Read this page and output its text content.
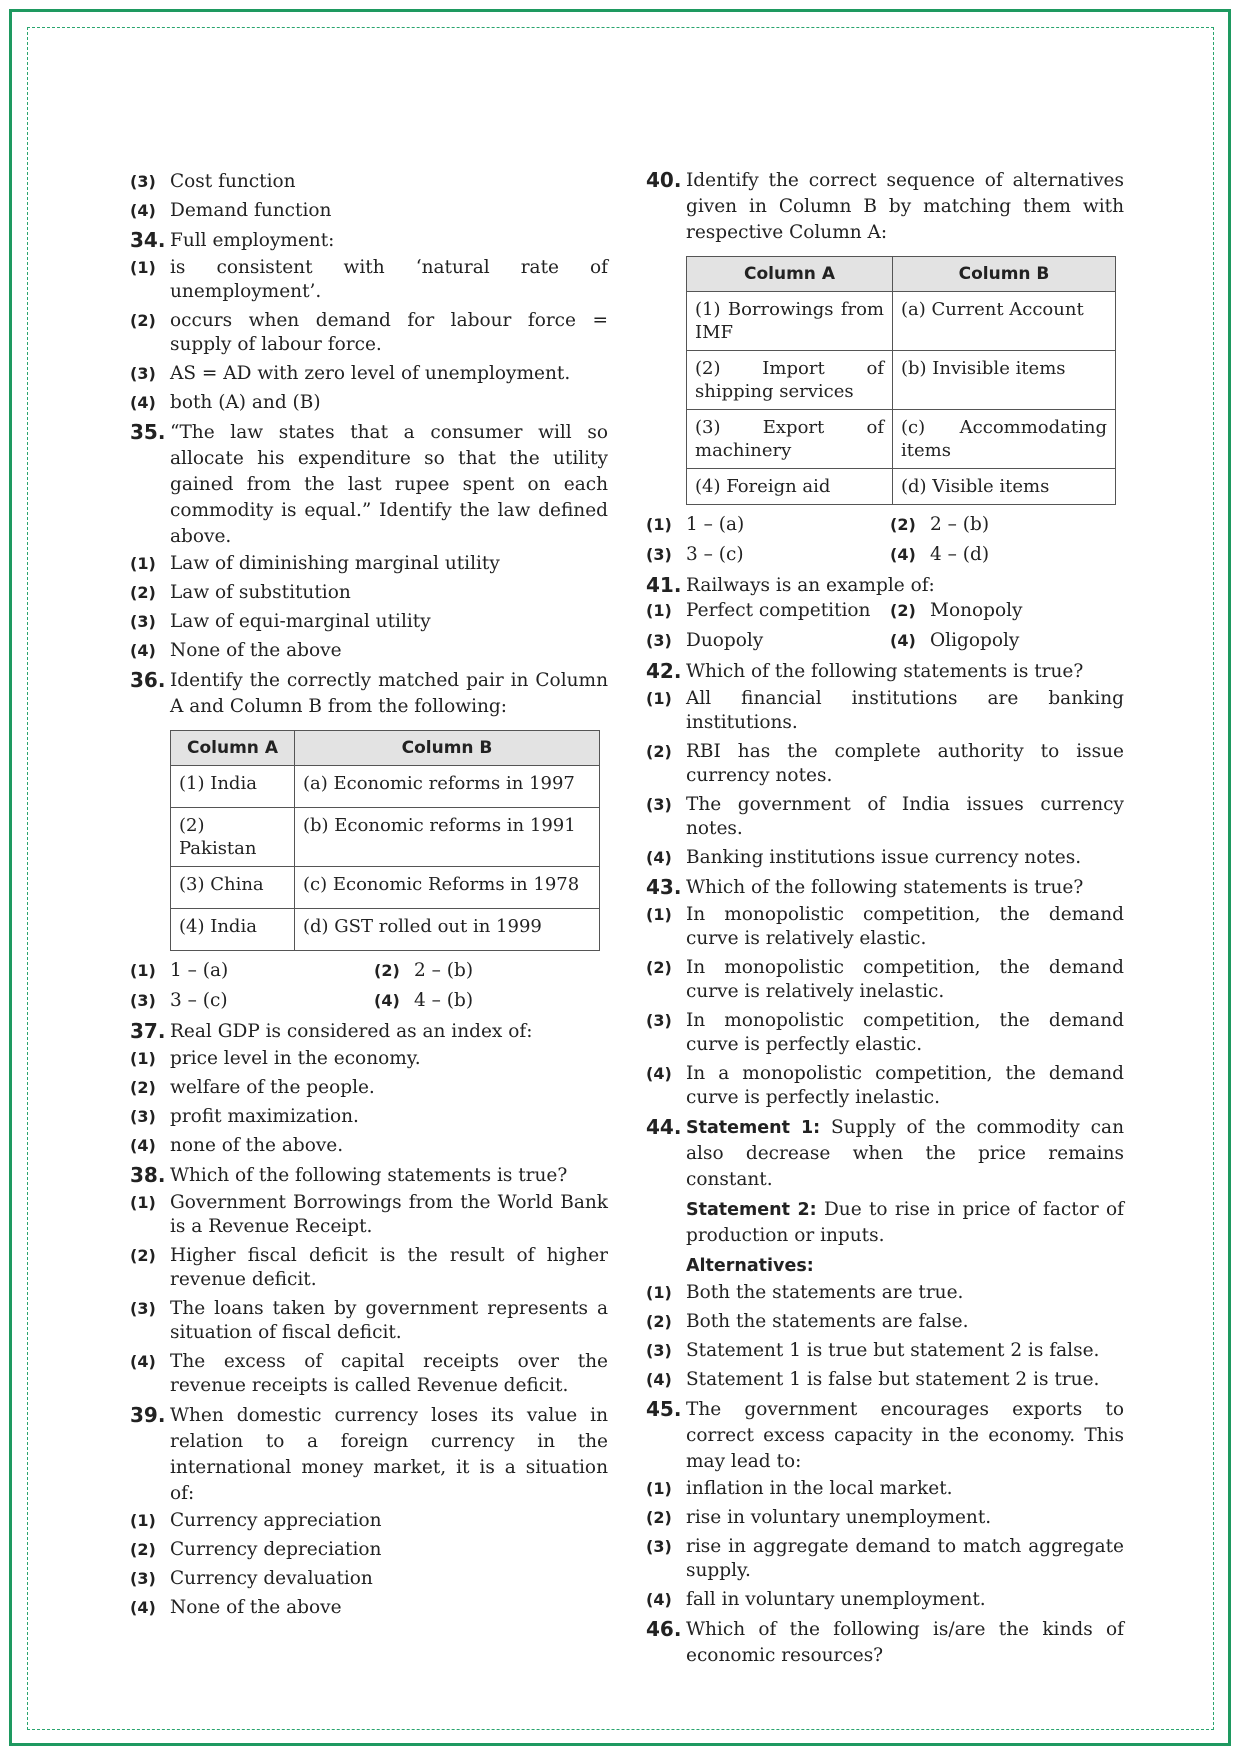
(3) Cost function
(4) Demand function
34. Full employment:
(1) is consistent with ‘natural rate of unemployment’.
(2) occurs when demand for labour force = supply of labour force.
(3) AS = AD with zero level of unemployment.
(4) both (A) and (B)
35. “The law states that a consumer will so allocate his expenditure so that the utility gained from the last rupee spent on each commodity is equal.” Identify the law defined above.
(1) Law of diminishing marginal utility
(2) Law of substitution
(3) Law of equi-marginal utility
(4) None of the above
36. Identify the correctly matched pair in Column A and Column B from the following:
Column A	Column B
(1) India	(a) Economic reforms in 1997
(2) Pakistan	(b) Economic reforms in 1991
(3) China	(c) Economic Reforms in 1978
(4) India	(d) GST rolled out in 1999
(1) 1 – (a)	(2) 2 – (b)
(3) 3 – (c)	(4) 4 – (b)
37. Real GDP is considered as an index of:
(1) price level in the economy.
(2) welfare of the people.
(3) profit maximization.
(4) none of the above.
38. Which of the following statements is true?
(1) Government Borrowings from the World Bank is a Revenue Receipt.
(2) Higher fiscal deficit is the result of higher revenue deficit.
(3) The loans taken by government represents a situation of fiscal deficit.
(4) The excess of capital receipts over the revenue receipts is called Revenue deficit.
39. When domestic currency loses its value in relation to a foreign currency in the international money market, it is a situation of:
(1) Currency appreciation
(2) Currency depreciation
(3) Currency devaluation
(4) None of the above
40. Identify the correct sequence of alternatives given in Column B by matching them with respective Column A:
Column A	Column B
(1) Borrowings from IMF	(a) Current Account
(2) Import of shipping services	(b) Invisible items
(3) Export of machinery	(c) Accommodating items
(4) Foreign aid	(d) Visible items
(1) 1 – (a)	(2) 2 – (b)
(3) 3 – (c)	(4) 4 – (d)
41. Railways is an example of:
(1) Perfect competition	(2) Monopoly
(3) Duopoly	(4) Oligopoly
42. Which of the following statements is true?
(1) All financial institutions are banking institutions.
(2) RBI has the complete authority to issue currency notes.
(3) The government of India issues currency notes.
(4) Banking institutions issue currency notes.
43. Which of the following statements is true?
(1) In monopolistic competition, the demand curve is relatively elastic.
(2) In monopolistic competition, the demand curve is relatively inelastic.
(3) In monopolistic competition, the demand curve is perfectly elastic.
(4) In a monopolistic competition, the demand curve is perfectly inelastic.
44. Statement 1: Supply of the commodity can also decrease when the price remains constant.
Statement 2: Due to rise in price of factor of production or inputs.
Alternatives:
(1) Both the statements are true.
(2) Both the statements are false.
(3) Statement 1 is true but statement 2 is false.
(4) Statement 1 is false but statement 2 is true.
45. The government encourages exports to correct excess capacity in the economy. This may lead to:
(1) inflation in the local market.
(2) rise in voluntary unemployment.
(3) rise in aggregate demand to match aggregate supply.
(4) fall in voluntary unemployment.
46. Which of the following is/are the kinds of economic resources?
